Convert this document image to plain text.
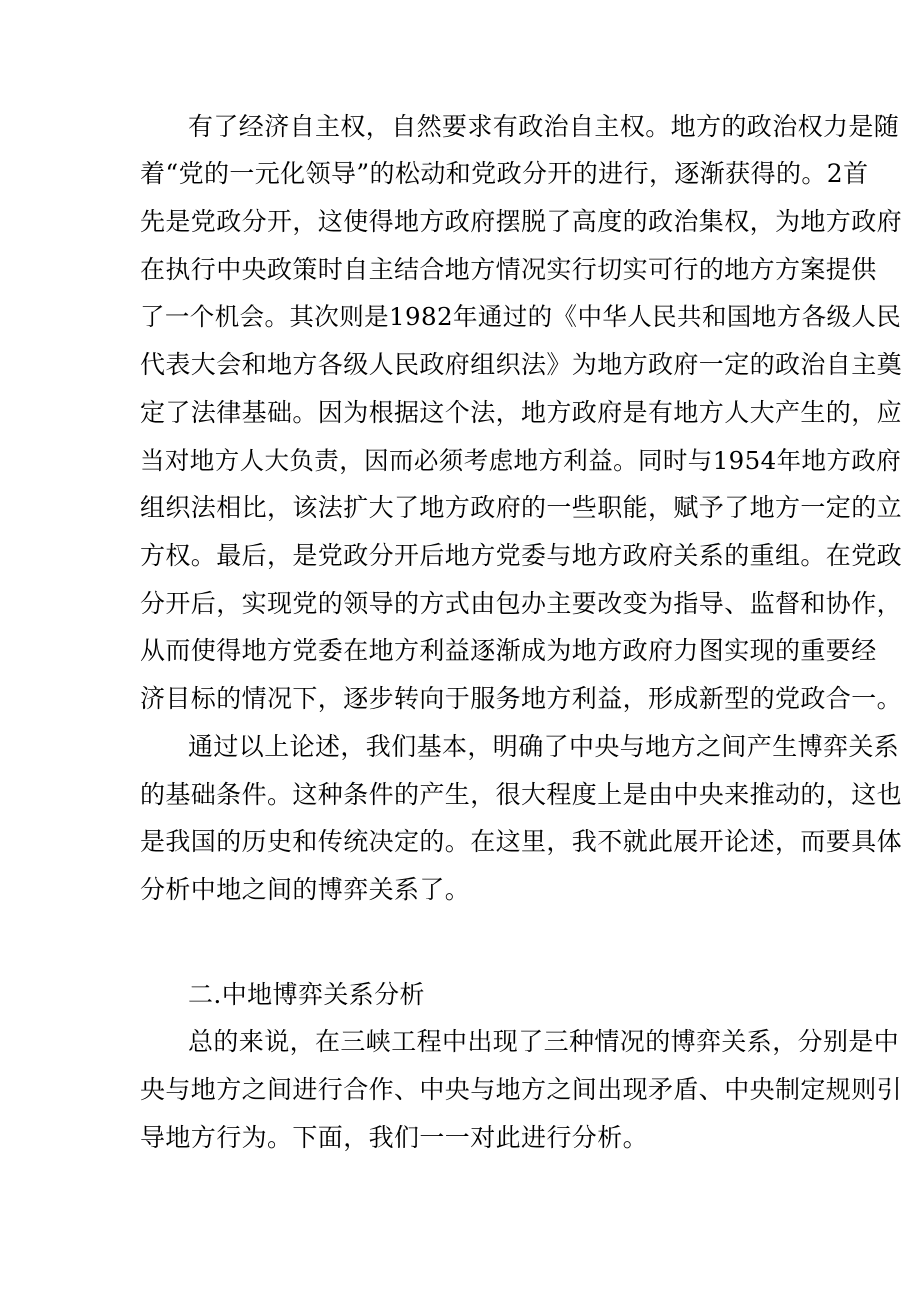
有了经济自主权，自然要求有政治自主权。地方的政治权力是随
着“党的一元化领导”的松动和党政分开的进行，逐渐获得的。2首
先是党政分开，这使得地方政府摆脱了高度的政治集权，为地方政府
在执行中央政策时自主结合地方情况实行切实可行的地方方案提供
了一个机会。其次则是1982年通过的《中华人民共和国地方各级人民
代表大会和地方各级人民政府组织法》为地方政府一定的政治自主奠
定了法律基础。因为根据这个法，地方政府是有地方人大产生的，应
当对地方人大负责，因而必须考虑地方利益。同时与1954年地方政府
组织法相比，该法扩大了地方政府的一些职能，赋予了地方一定的立
方权。最后，是党政分开后地方党委与地方政府关系的重组。在党政
分开后，实现党的领导的方式由包办主要改变为指导、监督和协作，
从而使得地方党委在地方利益逐渐成为地方政府力图实现的重要经
济目标的情况下，逐步转向于服务地方利益，形成新型的党政合一。
通过以上论述，我们基本，明确了中央与地方之间产生博弈关系
的基础条件。这种条件的产生，很大程度上是由中央来推动的，这也
是我国的历史和传统决定的。在这里，我不就此展开论述，而要具体
分析中地之间的博弈关系了。
二.中地博弈关系分析
总的来说，在三峡工程中出现了三种情况的博弈关系，分别是中
央与地方之间进行合作、中央与地方之间出现矛盾、中央制定规则引
导地方行为。下面，我们一一对此进行分析。
